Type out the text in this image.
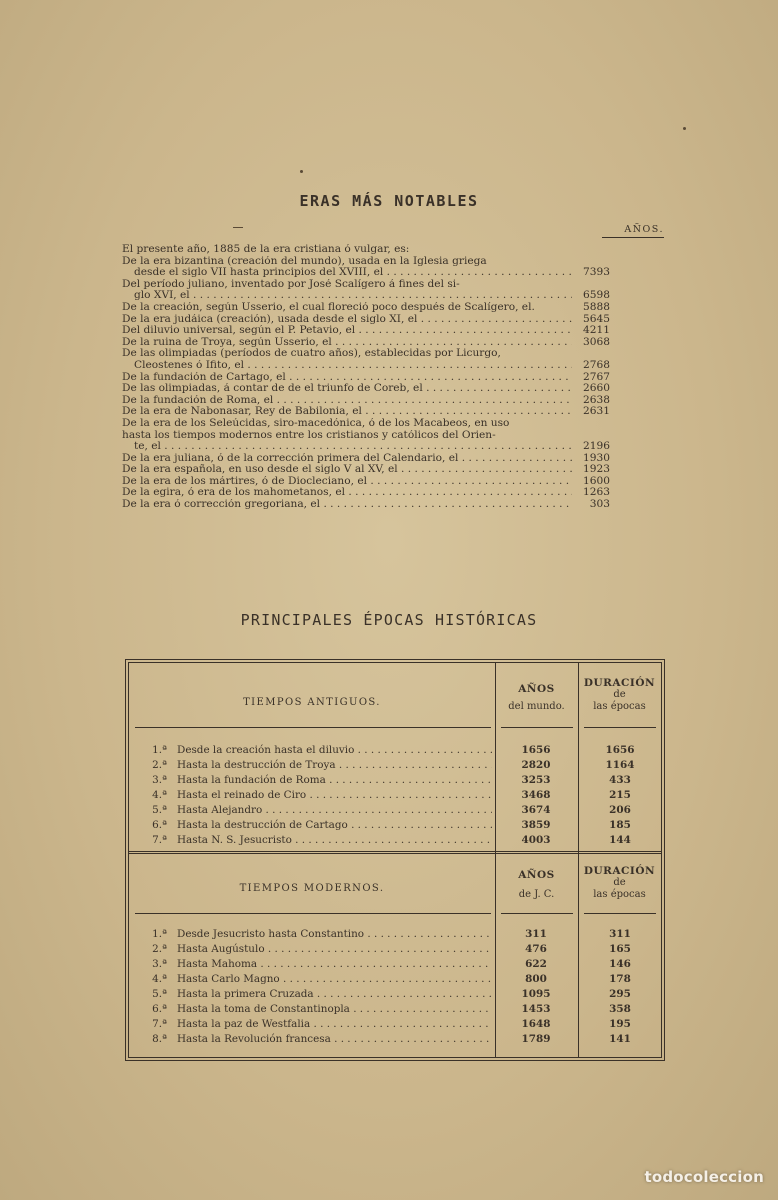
ERAS MÁS NOTABLES
AÑOS.
El presente año, 1885 de la era cristiana ó vulgar, es:
De la era bizantina (creación del mundo), usada en la Iglesia griega
desde el siglo VII hasta principios del XVIII, el . . .	7393
Del período juliano, inventado por José Scalígero á fines del si-
glo XVI, el . . .	6598
De la creación, según Usserio, el cual floreció poco después de Scalígero, el.	5888
De la era judáica (creación), usada desde el siglo XI, el . . .	5645
Del diluvio universal, según el P. Petavio, el . . .	4211
De la ruina de Troya, según Usserio, el . . .	3068
De las olimpiadas (períodos de cuatro años), establecidas por Licurgo,
Cleostenes ó Ifito, el . . .	2768
De la fundación de Cartago, el . . .	2767
De las olimpiadas, á contar de de el triunfo de Coreb, el . . .	2660
De la fundación de Roma, el . . .	2638
De la era de Nabonasar, Rey de Babilonia, el . . .	2631
De la era de los Seleúcidas, siro-macedónica, ó de los Macabeos, en uso
hasta los tiempos modernos entre los cristianos y católicos del Orien-
te, el . . .	2196
De la era juliana, ó de la corrección primera del Calendario, el . . .	1930
De la era española, en uso desde el siglo V al XV, el . . .	1923
De la era de los mártires, ó de Diocleciano, el . . .	1600
De la egira, ó era de los mahometanos, el . . .	1263
De la era ó corrección gregoriana, el . . .	303
PRINCIPALES ÉPOCAS HISTÓRICAS
TIEMPOS ANTIGUOS.
AÑOS
del mundo.
DURACIÓN
de
las épocas
1.ª Desde la creación hasta el diluvio . . .	1656	1656
2.ª Hasta la destrucción de Troya . . .	2820	1164
3.ª Hasta la fundación de Roma . . .	3253	433
4.ª Hasta el reinado de Ciro . . .	3468	215
5.ª Hasta Alejandro . . .	3674	206
6.ª Hasta la destrucción de Cartago . . .	3859	185
7.ª Hasta N. S. Jesucristo . . .	4003	144
TIEMPOS MODERNOS.
AÑOS
de J. C.
DURACIÓN
de
las épocas
1.ª Desde Jesucristo hasta Constantino . . .	311	311
2.ª Hasta Augústulo . . .	476	165
3.ª Hasta Mahoma . . .	622	146
4.ª Hasta Carlo Magno . . .	800	178
5.ª Hasta la primera Cruzada . . .	1095	295
6.ª Hasta la toma de Constantinopla . . .	1453	358
7.ª Hasta la paz de Westfalia . . .	1648	195
8.ª Hasta la Revolución francesa . . .	1789	141
todocoleccion
